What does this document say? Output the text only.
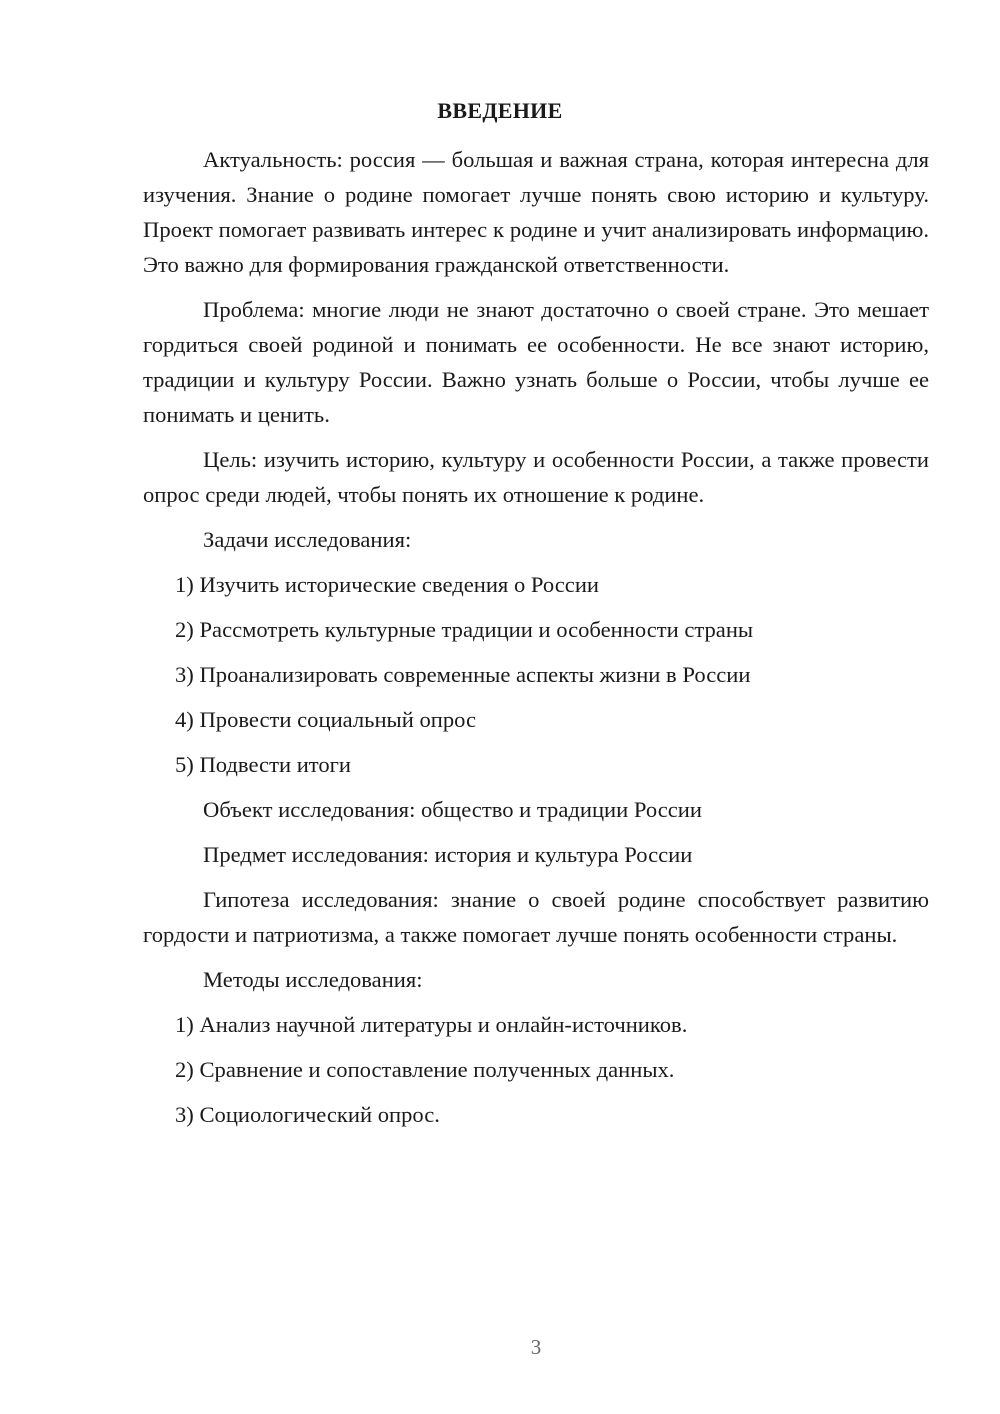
ВВЕДЕНИЕ

Актуальность: россия — большая и важная страна, которая интересна для изучения. Знание о родине помогает лучше понять свою историю и культуру. Проект помогает развивать интерес к родине и учит анализировать информацию. Это важно для формирования гражданской ответственности.

Проблема: многие люди не знают достаточно о своей стране. Это мешает гордиться своей родиной и понимать ее особенности. Не все знают историю, традиции и культуру России. Важно узнать больше о России, чтобы лучше ее понимать и ценить.

Цель: изучить историю, культуру и особенности России, а также провести опрос среди людей, чтобы понять их отношение к родине.

Задачи исследования:

1) Изучить исторические сведения о России

2) Рассмотреть культурные традиции и особенности страны

3) Проанализировать современные аспекты жизни в России

4) Провести социальный опрос

5) Подвести итоги

Объект исследования: общество и традиции России

Предмет исследования: история и культура России

Гипотеза исследования: знание о своей родине способствует развитию гордости и патриотизма, а также помогает лучше понять особенности страны.

Методы исследования:

1) Анализ научной литературы и онлайн-источников.

2) Сравнение и сопоставление полученных данных.

3) Социологический опрос.

3
